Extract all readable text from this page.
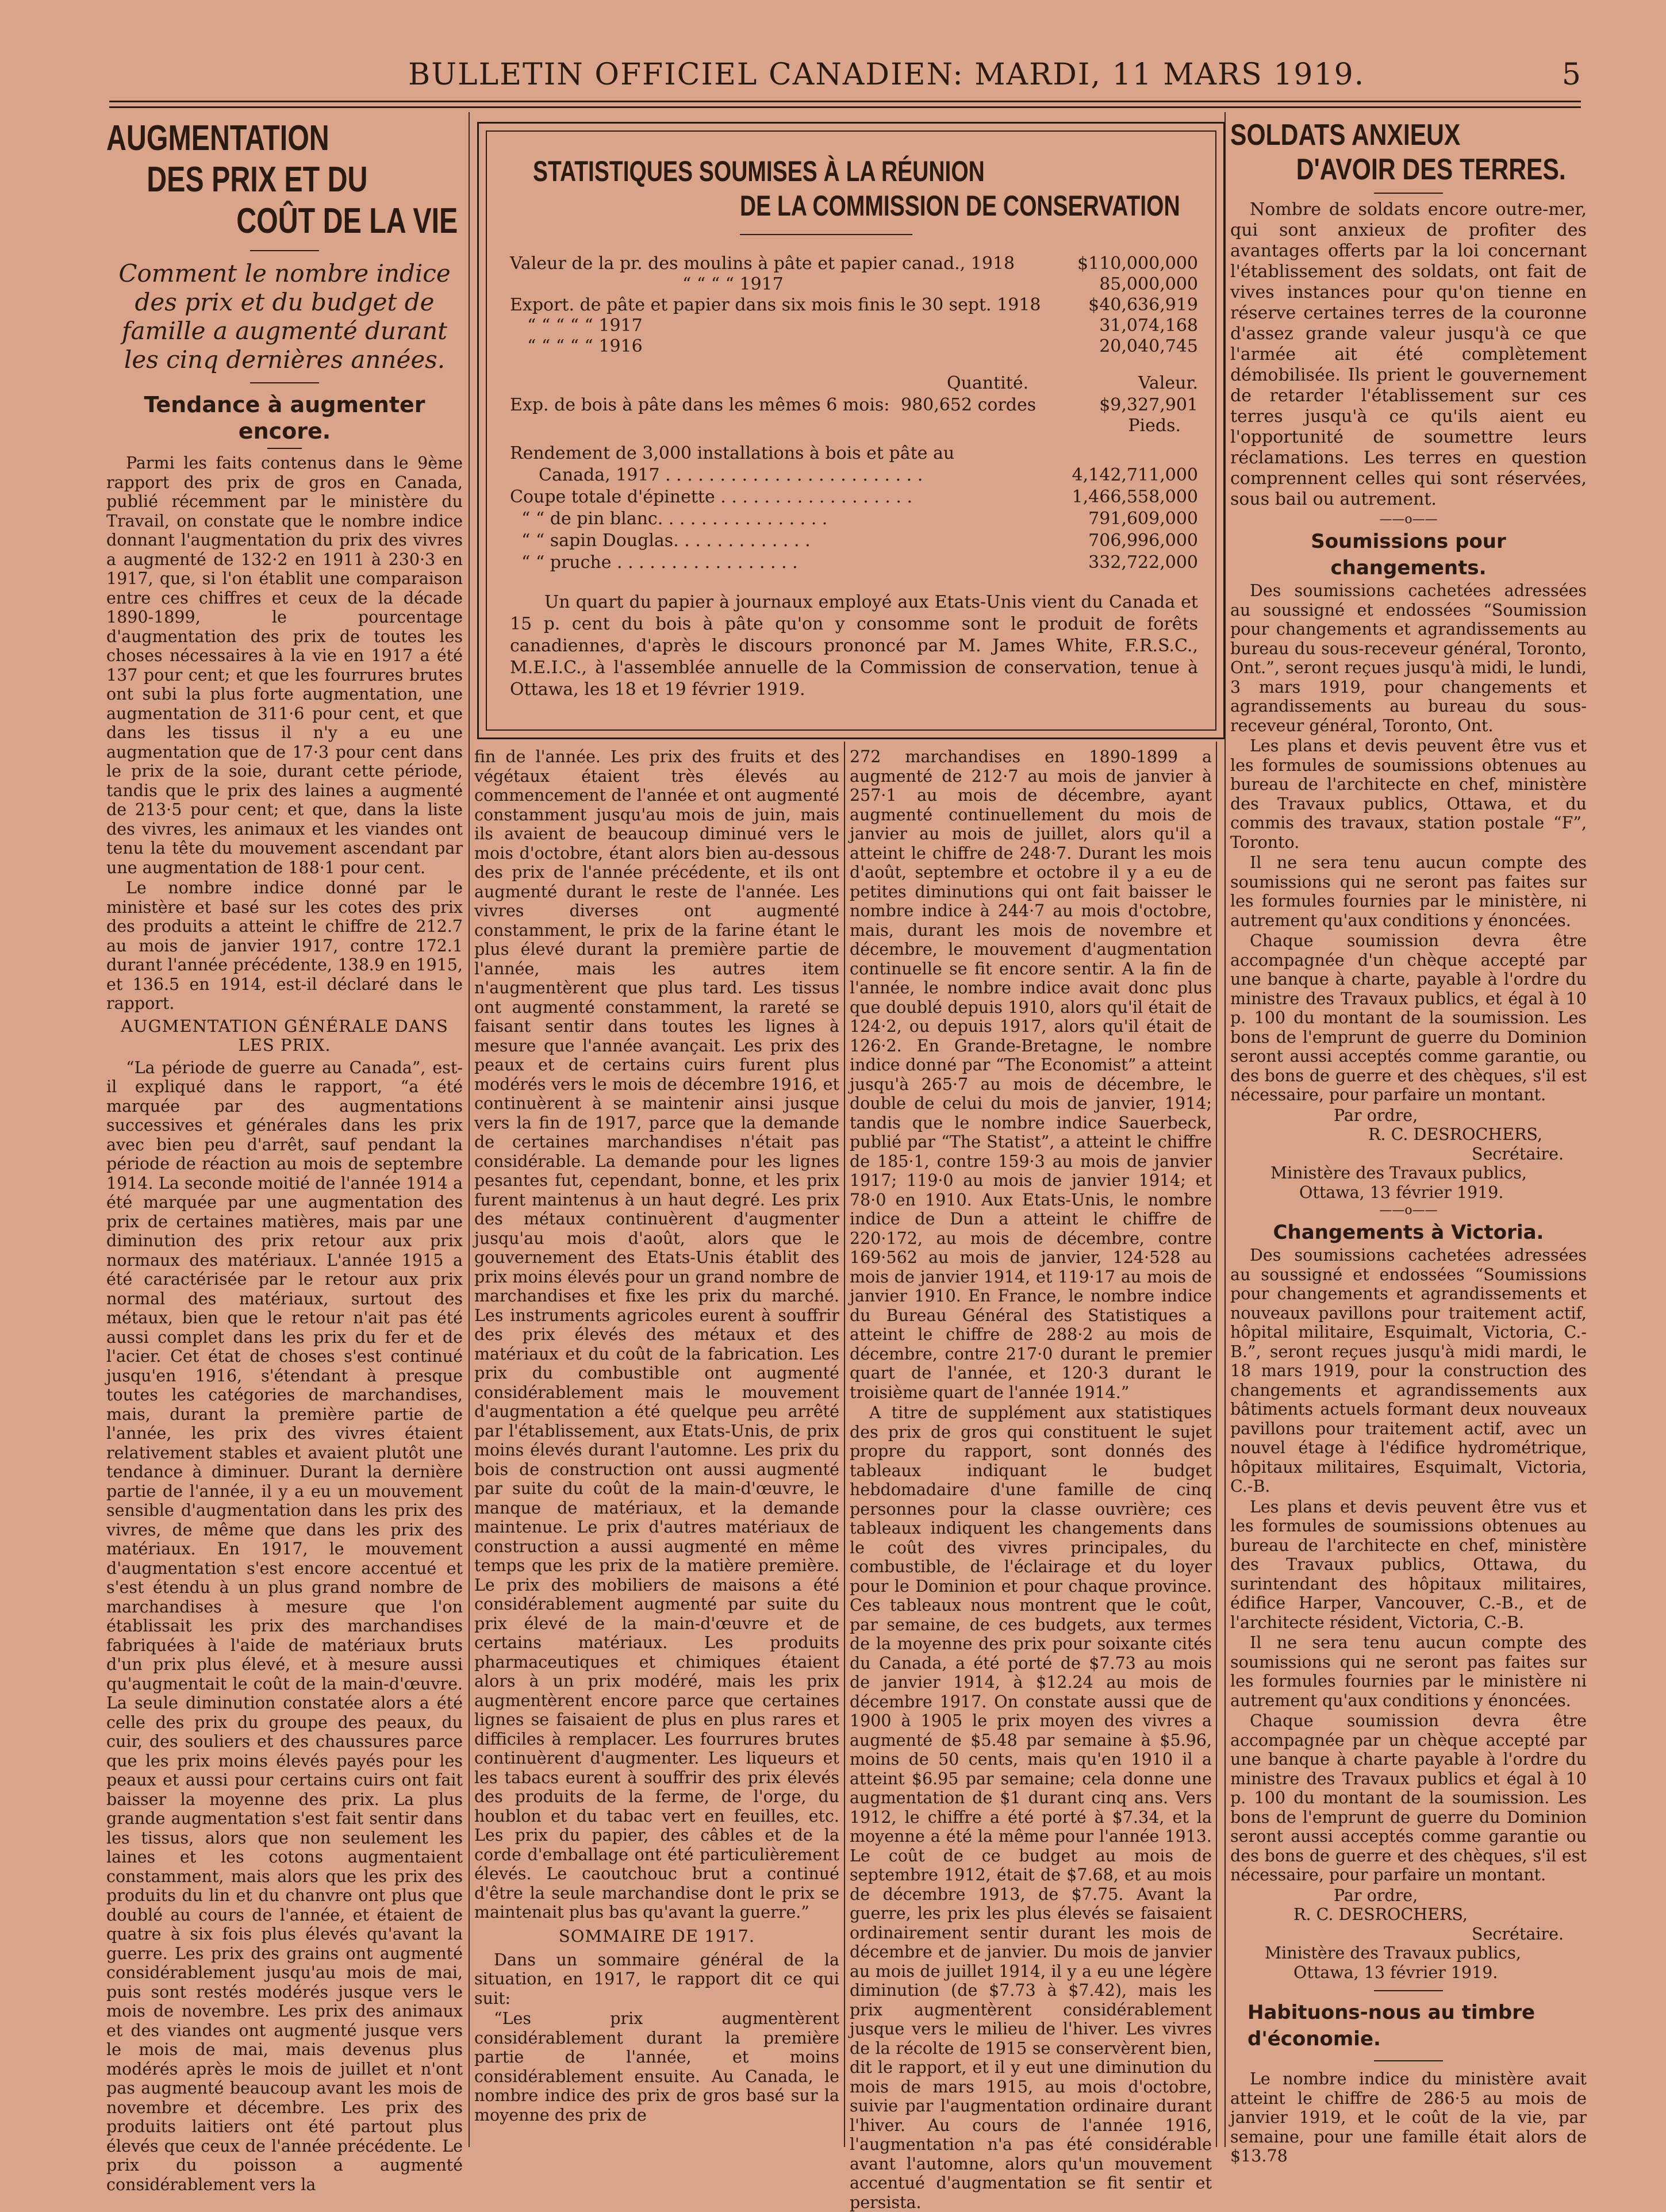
BULLETIN OFFICIEL CANADIEN: MARDI, 11 MARS 1919.	5
AUGMENTATION
DES PRIX ET DU
COÛT DE LA VIE
Comment le nombre indice des prix et du budget de famille a augmenté durant les cinq dernières années.
Tendance à augmenter encore.

Parmi les faits contenus dans le 9ème rapport des prix de gros en Canada, publié récemment par le ministère du Travail, on constate que le nombre indice donnant l'augmentation du prix des vivres a augmenté de 132·2 en 1911 à 230·3 en 1917, que, si l'on établit une comparaison entre ces chiffres et ceux de la décade 1890-1899, le pourcentage d'augmentation des prix de toutes les choses nécessaires à la vie en 1917 a été 137 pour cent; et que les fourrures brutes ont subi la plus forte augmentation, une augmentation de 311·6 pour cent, et que dans les tissus il n'y a eu une augmentation que de 17·3 pour cent dans le prix de la soie, durant cette période, tandis que le prix des laines a augmenté de 213·5 pour cent; et que, dans la liste des vivres, les animaux et les viandes ont tenu la tête du mouvement ascendant par une augmentation de 188·1 pour cent.

Le nombre indice donné par le ministère et basé sur les cotes des prix des produits a atteint le chiffre de 212.7 au mois de janvier 1917, contre 172.1 durant l'année précédente, 138.9 en 1915, et 136.5 en 1914, est-il déclaré dans le rapport.

AUGMENTATION GÉNÉRALE DANS LES PRIX.

“La période de guerre au Canada”, est-il expliqué dans le rapport, “a été marquée par des augmentations successives et générales dans les prix avec bien peu d'arrêt, sauf pendant la période de réaction au mois de septembre 1914. La seconde moitié de l'année 1914 a été marquée par une augmentation des prix de certaines matières, mais par une diminution des prix retour aux prix normaux des matériaux. L'année 1915 a été caractérisée par le retour aux prix normal des matériaux, surtout des métaux, bien que le retour n'ait pas été aussi complet dans les prix du fer et de l'acier. Cet état de choses s'est continué jusqu'en 1916, s'étendant à presque toutes les catégories de marchandises, mais, durant la première partie de l'année, les prix des vivres étaient relativement stables et avaient plutôt une tendance à diminuer. Durant la dernière partie de l'année, il y a eu un mouvement sensible d'augmentation dans les prix des vivres, de même que dans les prix des matériaux. En 1917, le mouvement d'augmentation s'est encore accentué et s'est étendu à un plus grand nombre de marchandises à mesure que l'on établissait les prix des marchandises fabriquées à l'aide de matériaux bruts d'un prix plus élevé, et à mesure aussi qu'augmentait le coût de la main-d'œuvre. La seule diminution constatée alors a été celle des prix du groupe des peaux, du cuir, des souliers et des chaussures parce que les prix moins élevés payés pour les peaux et aussi pour certains cuirs ont fait baisser la moyenne des prix. La plus grande augmentation s'est fait sentir dans les tissus, alors que non seulement les laines et les cotons augmentaient constamment, mais alors que les prix des produits du lin et du chanvre ont plus que doublé au cours de l'année, et étaient de quatre à six fois plus élevés qu'avant la guerre. Les prix des grains ont augmenté considérablement jusqu'au mois de mai, puis sont restés modérés jusque vers le mois de novembre. Les prix des animaux et des viandes ont augmenté jusque vers le mois de mai, mais devenus plus modérés après le mois de juillet et n'ont pas augmenté beaucoup avant les mois de novembre et décembre. Les prix des produits laitiers ont été partout plus élevés que ceux de l'année précédente. Le prix du poisson a augmenté considérablement vers la

STATISTIQUES SOUMISES À LA RÉUNION
DE LA COMMISSION DE CONSERVATION
Valeur de la pr. des moulins à pâte et papier canad., 1918	$110,000,000
“ “ “ “ 1917	85,000,000
Export. de pâte et papier dans six mois finis le 30 sept. 1918	$40,636,919
“ “ “ “ “ 1917	31,074,168
“ “ “ “ “ 1916	20,040,745
Quantité.	Valeur.
Exp. de bois à pâte dans les mêmes 6 mois: 980,652 cordes	$9,327,901
Pieds.
Rendement de 3,000 installations à bois et pâte au
Canada, 1917 . . . . . . . . . . . . . . . . . . . . . . . .	4,142,711,000
Coupe totale d'épinette . . . . . . . . . . . . . . . . . .	1,466,558,000
“ “ de pin blanc. . . . . . . . . . . . . . . .	791,609,000
“ “ sapin Douglas. . . . . . . . . . . . .	706,996,000
“ “ pruche . . . . . . . . . . . . . . . . .	332,722,000
Un quart du papier à journaux employé aux Etats-Unis vient du Canada et 15 p. cent du bois à pâte qu'on y consomme sont le produit de forêts canadiennes, d'après le discours prononcé par M. James White, F.R.S.C., M.E.I.C., à l'assemblée annuelle de la Commission de conservation, tenue à Ottawa, les 18 et 19 février 1919.

fin de l'année. Les prix des fruits et des végétaux étaient très élevés au commencement de l'année et ont augmenté constamment jusqu'au mois de juin, mais ils avaient de beaucoup diminué vers le mois d'octobre, étant alors bien au-dessous des prix de l'année précédente, et ils ont augmenté durant le reste de l'année. Les vivres diverses ont augmenté constamment, le prix de la farine étant le plus élevé durant la première partie de l'année, mais les autres item n'augmentèrent que plus tard. Les tissus ont augmenté constamment, la rareté se faisant sentir dans toutes les lignes à mesure que l'année avançait. Les prix des peaux et de certains cuirs furent plus modérés vers le mois de décembre 1916, et continuèrent à se maintenir ainsi jusque vers la fin de 1917, parce que la demande de certaines marchandises n'était pas considérable. La demande pour les lignes pesantes fut, cependant, bonne, et les prix furent maintenus à un haut degré. Les prix des métaux continuèrent d'augmenter jusqu'au mois d'août, alors que le gouvernement des Etats-Unis établit des prix moins élevés pour un grand nombre de marchandises et fixe les prix du marché. Les instruments agricoles eurent à souffrir des prix élevés des métaux et des matériaux et du coût de la fabrication. Les prix du combustible ont augmenté considérablement mais le mouvement d'augmentation a été quelque peu arrêté par l'établissement, aux Etats-Unis, de prix moins élevés durant l'automne. Les prix du bois de construction ont aussi augmenté par suite du coût de la main-d'œuvre, le manque de matériaux, et la demande maintenue. Le prix d'autres matériaux de construction a aussi augmenté en même temps que les prix de la matière première. Le prix des mobiliers de maisons a été considérablement augmenté par suite du prix élevé de la main-d'œuvre et de certains matériaux. Les produits pharmaceutiques et chimiques étaient alors à un prix modéré, mais les prix augmentèrent encore parce que certaines lignes se faisaient de plus en plus rares et difficiles à remplacer. Les fourrures brutes continuèrent d'augmenter. Les liqueurs et les tabacs eurent à souffrir des prix élevés des produits de la ferme, de l'orge, du houblon et du tabac vert en feuilles, etc. Les prix du papier, des câbles et de la corde d'emballage ont été particulièrement élevés. Le caoutchouc brut a continué d'être la seule marchandise dont le prix se maintenait plus bas qu'avant la guerre.”

SOMMAIRE DE 1917.

Dans un sommaire général de la situation, en 1917, le rapport dit ce qui suit:

“Les prix augmentèrent considérablement durant la première partie de l'année, et moins considérablement ensuite. Au Canada, le nombre indice des prix de gros basé sur la moyenne des prix de

272 marchandises en 1890-1899 a augmenté de 212·7 au mois de janvier à 257·1 au mois de décembre, ayant augmenté continuellement du mois de janvier au mois de juillet, alors qu'il a atteint le chiffre de 248·7. Durant les mois d'août, septembre et octobre il y a eu de petites diminutions qui ont fait baisser le nombre indice à 244·7 au mois d'octobre, mais, durant les mois de novembre et décembre, le mouvement d'augmentation continuelle se fit encore sentir. A la fin de l'année, le nombre indice avait donc plus que doublé depuis 1910, alors qu'il était de 124·2, ou depuis 1917, alors qu'il était de 126·2. En Grande-Bretagne, le nombre indice donné par “The Economist” a atteint jusqu'à 265·7 au mois de décembre, le double de celui du mois de janvier, 1914; tandis que le nombre indice Sauerbeck, publié par “The Statist”, a atteint le chiffre de 185·1, contre 159·3 au mois de janvier 1917; 119·0 au mois de janvier 1914; et 78·0 en 1910. Aux Etats-Unis, le nombre indice de Dun a atteint le chiffre de 220·172, au mois de décembre, contre 169·562 au mois de janvier, 124·528 au mois de janvier 1914, et 119·17 au mois de janvier 1910. En France, le nombre indice du Bureau Général des Statistiques a atteint le chiffre de 288·2 au mois de décembre, contre 217·0 durant le premier quart de l'année, et 120·3 durant le troisième quart de l'année 1914.”

A titre de supplément aux statistiques des prix de gros qui constituent le sujet propre du rapport, sont donnés des tableaux indiquant le budget hebdomadaire d'une famille de cinq personnes pour la classe ouvrière; ces tableaux indiquent les changements dans le coût des vivres principales, du combustible, de l'éclairage et du loyer pour le Dominion et pour chaque province. Ces tableaux nous montrent que le coût, par semaine, de ces budgets, aux termes de la moyenne des prix pour soixante cités du Canada, a été porté de $7.73 au mois de janvier 1914, à $12.24 au mois de décembre 1917. On constate aussi que de 1900 à 1905 le prix moyen des vivres a augmenté de $5.48 par semaine à $5.96, moins de 50 cents, mais qu'en 1910 il a atteint $6.95 par semaine; cela donne une augmentation de $1 durant cinq ans. Vers 1912, le chiffre a été porté à $7.34, et la moyenne a été la même pour l'année 1913. Le coût de ce budget au mois de septembre 1912, était de $7.68, et au mois de décembre 1913, de $7.75. Avant la guerre, les prix les plus élevés se faisaient ordinairement sentir durant les mois de décembre et de janvier. Du mois de janvier au mois de juillet 1914, il y a eu une légère diminution (de $7.73 à $7.42), mais les prix augmentèrent considérablement jusque vers le milieu de l'hiver. Les vivres de la récolte de 1915 se conservèrent bien, dit le rapport, et il y eut une diminution du mois de mars 1915, au mois d'octobre, suivie par l'augmentation ordinaire durant l'hiver. Au cours de l'année 1916, l'augmentation n'a pas été considérable avant l'automne, alors qu'un mouvement accentué d'augmentation se fit sentir et persista.

SOLDATS ANXIEUX
D'AVOIR DES TERRES.

Nombre de soldats encore outre-mer, qui sont anxieux de profiter des avantages offerts par la loi concernant l'établissement des soldats, ont fait de vives instances pour qu'on tienne en réserve certaines terres de la couronne d'assez grande valeur jusqu'à ce que l'armée ait été complètement démobilisée. Ils prient le gouvernement de retarder l'établissement sur ces terres jusqu'à ce qu'ils aient eu l'opportunité de soumettre leurs réclamations. Les terres en question comprennent celles qui sont réservées, sous bail ou autrement.

——o——
Soumissions pour changements.

Des soumissions cachetées adressées au soussigné et endossées “Soumission pour changements et agrandissements au bureau du sous-receveur général, Toronto, Ont.”, seront reçues jusqu'à midi, le lundi, 3 mars 1919, pour changements et agrandissements au bureau du sous-receveur général, Toronto, Ont.

Les plans et devis peuvent être vus et les formules de soumissions obtenues au bureau de l'architecte en chef, ministère des Travaux publics, Ottawa, et du commis des travaux, station postale “F”, Toronto.

Il ne sera tenu aucun compte des soumissions qui ne seront pas faites sur les formules fournies par le ministère, ni autrement qu'aux conditions y énoncées.

Chaque soumission devra être accompagnée d'un chèque accepté par une banque à charte, payable à l'ordre du ministre des Travaux publics, et égal à 10 p. 100 du montant de la soumission. Les bons de l'emprunt de guerre du Dominion seront aussi acceptés comme garantie, ou des bons de guerre et des chèques, s'il est nécessaire, pour parfaire un montant.

Par ordre,
R. C. DESROCHERS,
Secrétaire.
Ministère des Travaux publics,
Ottawa, 13 février 1919.
——o——
Changements à Victoria.

Des soumissions cachetées adressées au soussigné et endossées “Soumissions pour changements et agrandissements et nouveaux pavillons pour traitement actif, hôpital militaire, Esquimalt, Victoria, C.-B.”, seront reçues jusqu'à midi mardi, le 18 mars 1919, pour la construction des changements et agrandissements aux bâtiments actuels formant deux nouveaux pavillons pour traitement actif, avec un nouvel étage à l'édifice hydrométrique, hôpitaux militaires, Esquimalt, Victoria, C.-B.

Les plans et devis peuvent être vus et les formules de soumissions obtenues au bureau de l'architecte en chef, ministère des Travaux publics, Ottawa, du surintendant des hôpitaux militaires, édifice Harper, Vancouver, C.-B., et de l'architecte résident, Victoria, C.-B.

Il ne sera tenu aucun compte des soumissions qui ne seront pas faites sur les formules fournies par le ministère ni autrement qu'aux conditions y énoncées.

Chaque soumission devra être accompagnée par un chèque accepté par une banque à charte payable à l'ordre du ministre des Travaux publics et égal à 10 p. 100 du montant de la soumission. Les bons de l'emprunt de guerre du Dominion seront aussi acceptés comme garantie ou des bons de guerre et des chèques, s'il est nécessaire, pour parfaire un montant.

Par ordre,
R. C. DESROCHERS,
Secrétaire.
Ministère des Travaux publics,
Ottawa, 13 février 1919.
Habituons-nous au timbre d'économie.

Le nombre indice du ministère avait atteint le chiffre de 286·5 au mois de janvier 1919, et le coût de la vie, par semaine, pour une famille était alors de $13.78
